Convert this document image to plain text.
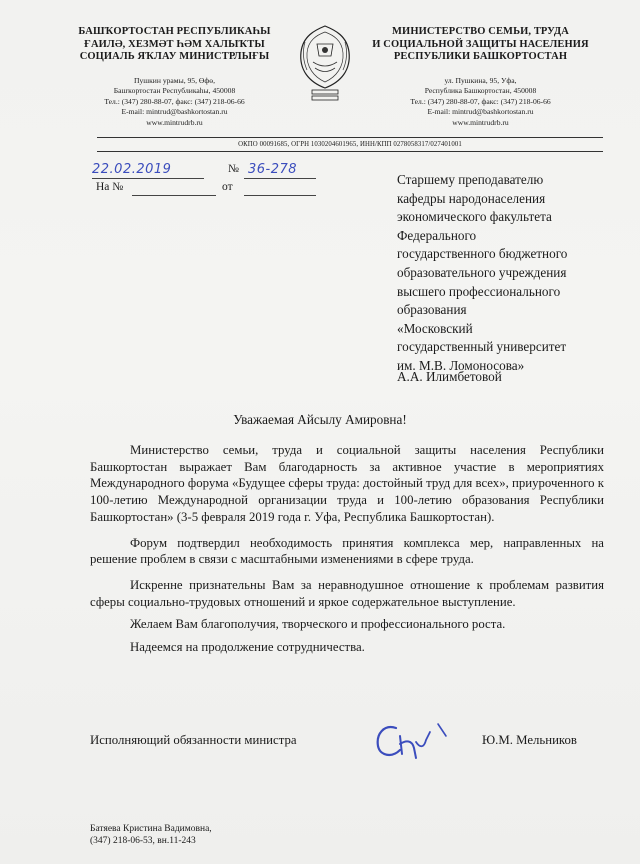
БАШҠОРТОСТАН РЕСПУБЛИКАҺЫ
ҒАИЛӘ, ХЕЗМӘТ ҺӘМ ХАЛЫҠТЫ
СОЦИАЛЬ ЯҠЛАУ МИНИСТРЛЫҒЫ
Пушкин урамы, 95, Өфө,
Башҡортостан Республикаһы, 450008
Тел.: (347) 280-88-07, факс: (347) 218-06-66
E-mail: mintrud@bashkortostan.ru
www.mintrudrb.ru
МИНИСТЕРСТВО СЕМЬИ, ТРУДА
И СОЦИАЛЬНОЙ ЗАЩИТЫ НАСЕЛЕНИЯ
РЕСПУБЛИКИ БАШКОРТОСТАН
ул. Пушкина, 95, Уфа,
Республика Башкортостан, 450008
Тел.: (347) 280-88-07, факс: (347) 218-06-66
E-mail: mintrud@bashkortostan.ru
www.mintrudrb.ru
ОКПО 00091685, ОГРН 1030204601965, ИНН/КПП 0278058317/027401001
22.02.2019	№ 36-278
На №	от	Старшему преподавателю
кафедры народонаселения
экономического факультета
Федерального
государственного бюджетного
образовательного учреждения
высшего профессионального
образования
«Московский
государственный университет
им. М.В. Ломоносова»
А.А. Илимбетовой
Уважаемая Айсылу Амировна!

Министерство семьи, труда и социальной защиты населения Республики Башкортостан выражает Вам благодарность за активное участие в мероприятиях Международного форума «Будущее сферы труда: достойный труд для всех», приуроченного к 100-летию Международной организации труда и 100-летию образования Республики Башкортостан» (3-5 февраля 2019 года г. Уфа, Республика Башкортостан).

Форум подтвердил необходимость принятия комплекса мер, направленных на решение проблем в связи с масштабными изменениями в сфере труда.

Искренне признательны Вам за неравнодушное отношение к проблемам развития сферы социально-трудовых отношений и яркое содержательное выступление.

Желаем Вам благополучия, творческого и профессионального роста.

Надеемся на продолжение сотрудничества.

Исполняющий обязанности министра	Ю.М. Мельников
Батяева Кристина Вадимовна,
(347) 218-06-53, вн.11-243
